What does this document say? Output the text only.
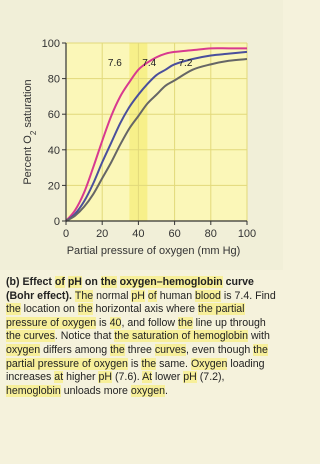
0
20
40
60
80
100
0 20 40 60 80 100
7.6 7.4 7.2
Partial pressure of oxygen (mm Hg)
Percent $O_2$ saturation
(b) Effect of pH on the oxygen–hemoglobin curve (Bohr effect). The normal pH of human blood is 7.4. Find the location on the horizontal axis where the partial pressure of oxygen is 40, and follow the line up through the curves. Notice that the saturation of hemoglobin with oxygen differs among the three curves, even though the partial pressure of oxygen is the same. Oxygen loading increases at higher pH (7.6). At lower pH (7.2), hemoglobin unloads more oxygen.
